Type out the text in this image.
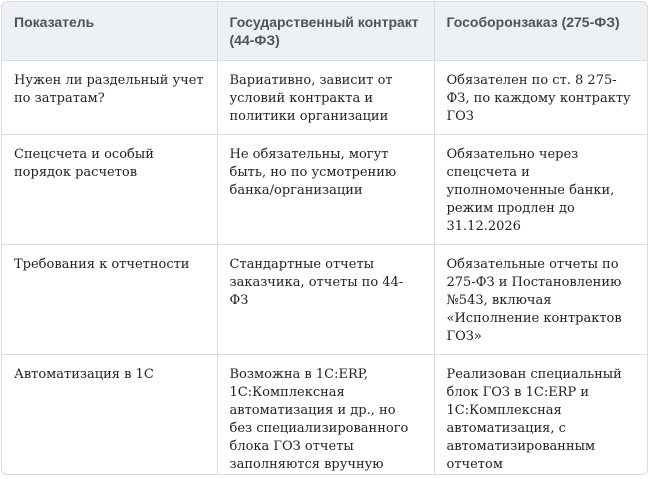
Показатель	Государственный контракт (44-ФЗ)	Гособоронзаказ (275-ФЗ)
Нужен ли раздельный учет по затратам?	Вариативно, зависит от условий контракта и политики организации	Обязателен по ст. 8 275-ФЗ, по каждому контракту ГОЗ
Спецсчета и особый порядок расчетов	Не обязательны, могут быть, но по усмотрению банка/организации	Обязательно через спецсчета и уполномоченные банки, режим продлен до 31.12.2026
Требования к отчетности	Стандартные отчеты заказчика, отчеты по 44-ФЗ	Обязательные отчеты по 275-ФЗ и Постановлению №543, включая «Исполнение контрактов ГОЗ»
Автоматизация в 1С	Возможна в 1С:ERP, 1С:Комплексная автоматизация и др., но без специализированного блока ГОЗ отчеты заполняются вручную	Реализован специальный блок ГОЗ в 1С:ERP и 1С:Комплексная автоматизация, с автоматизированным отчетом
